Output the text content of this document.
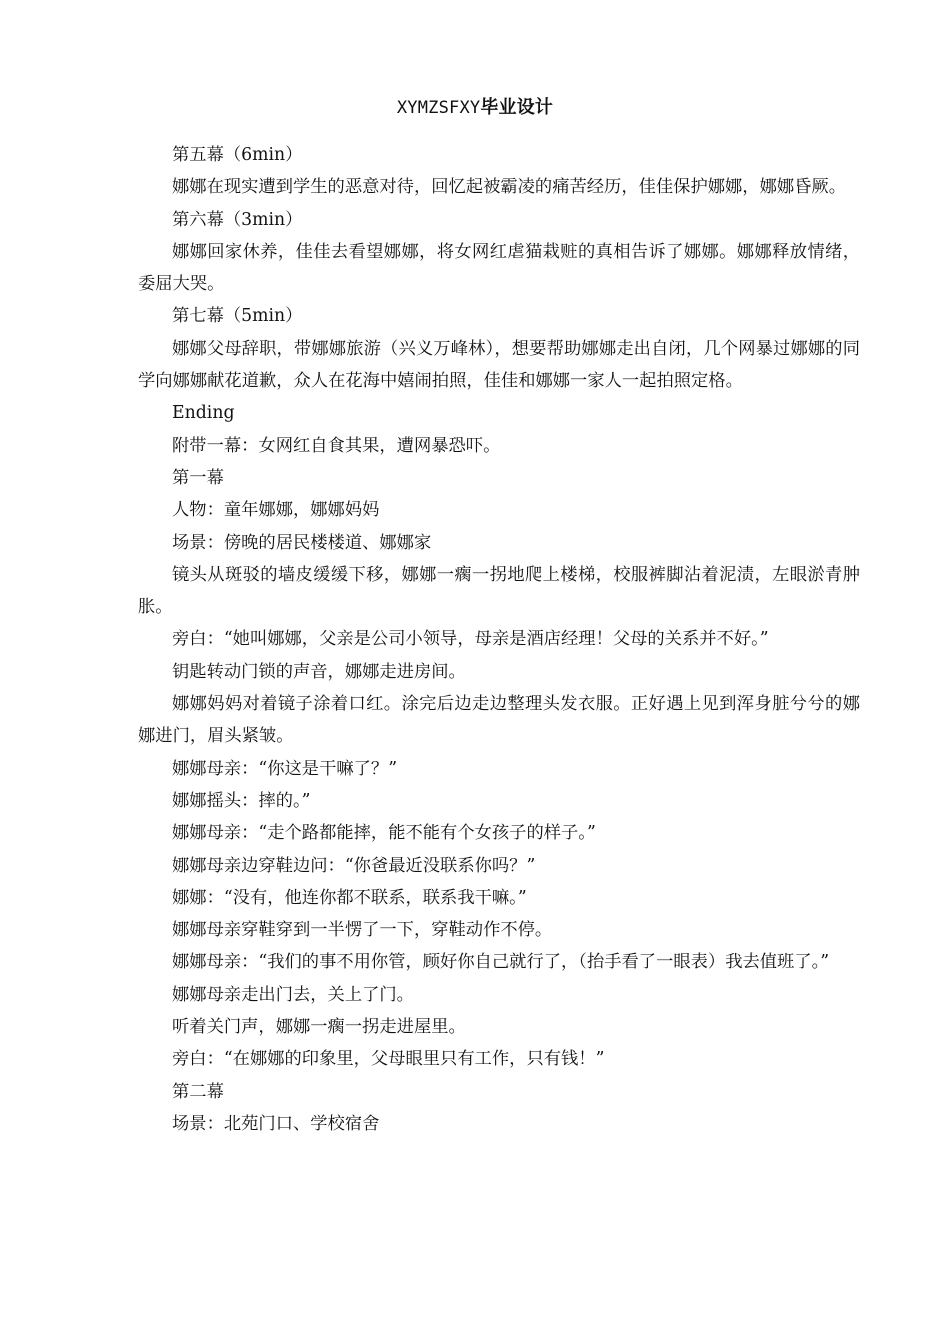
XYMZSFXY毕业设计

第五幕（6min）

娜娜在现实遭到学生的恶意对待，回忆起被霸凌的痛苦经历，佳佳保护娜娜，娜娜昏厥。

第六幕（3min）

娜娜回家休养，佳佳去看望娜娜，将女网红虐猫栽赃的真相告诉了娜娜。娜娜释放情绪，委屈大哭。

第七幕（5min）

娜娜父母辞职，带娜娜旅游（兴义万峰林），想要帮助娜娜走出自闭，几个网暴过娜娜的同学向娜娜献花道歉，众人在花海中嬉闹拍照，佳佳和娜娜一家人一起拍照定格。

Ending

附带一幕：女网红自食其果，遭网暴恐吓。

第一幕

人物：童年娜娜，娜娜妈妈

场景：傍晚的居民楼楼道、娜娜家

镜头从斑驳的墙皮缓缓下移，娜娜一瘸一拐地爬上楼梯，校服裤脚沾着泥渍，左眼淤青肿胀。

旁白：“她叫娜娜，父亲是公司小领导，母亲是酒店经理！父母的关系并不好。”

钥匙转动门锁的声音，娜娜走进房间。

娜娜妈妈对着镜子涂着口红。涂完后边走边整理头发衣服。正好遇上见到浑身脏兮兮的娜娜进门，眉头紧皱。

娜娜母亲：“你这是干嘛了？”

娜娜摇头：摔的。”

娜娜母亲：“走个路都能摔，能不能有个女孩子的样子。”

娜娜母亲边穿鞋边问：“你爸最近没联系你吗？”

娜娜：“没有，他连你都不联系，联系我干嘛。”

娜娜母亲穿鞋穿到一半愣了一下，穿鞋动作不停。

娜娜母亲：“我们的事不用你管，顾好你自己就行了，（抬手看了一眼表）我去值班了。”

娜娜母亲走出门去，关上了门。

听着关门声，娜娜一瘸一拐走进屋里。

旁白：“在娜娜的印象里，父母眼里只有工作，只有钱！”

第二幕

场景：北苑门口、学校宿舍
